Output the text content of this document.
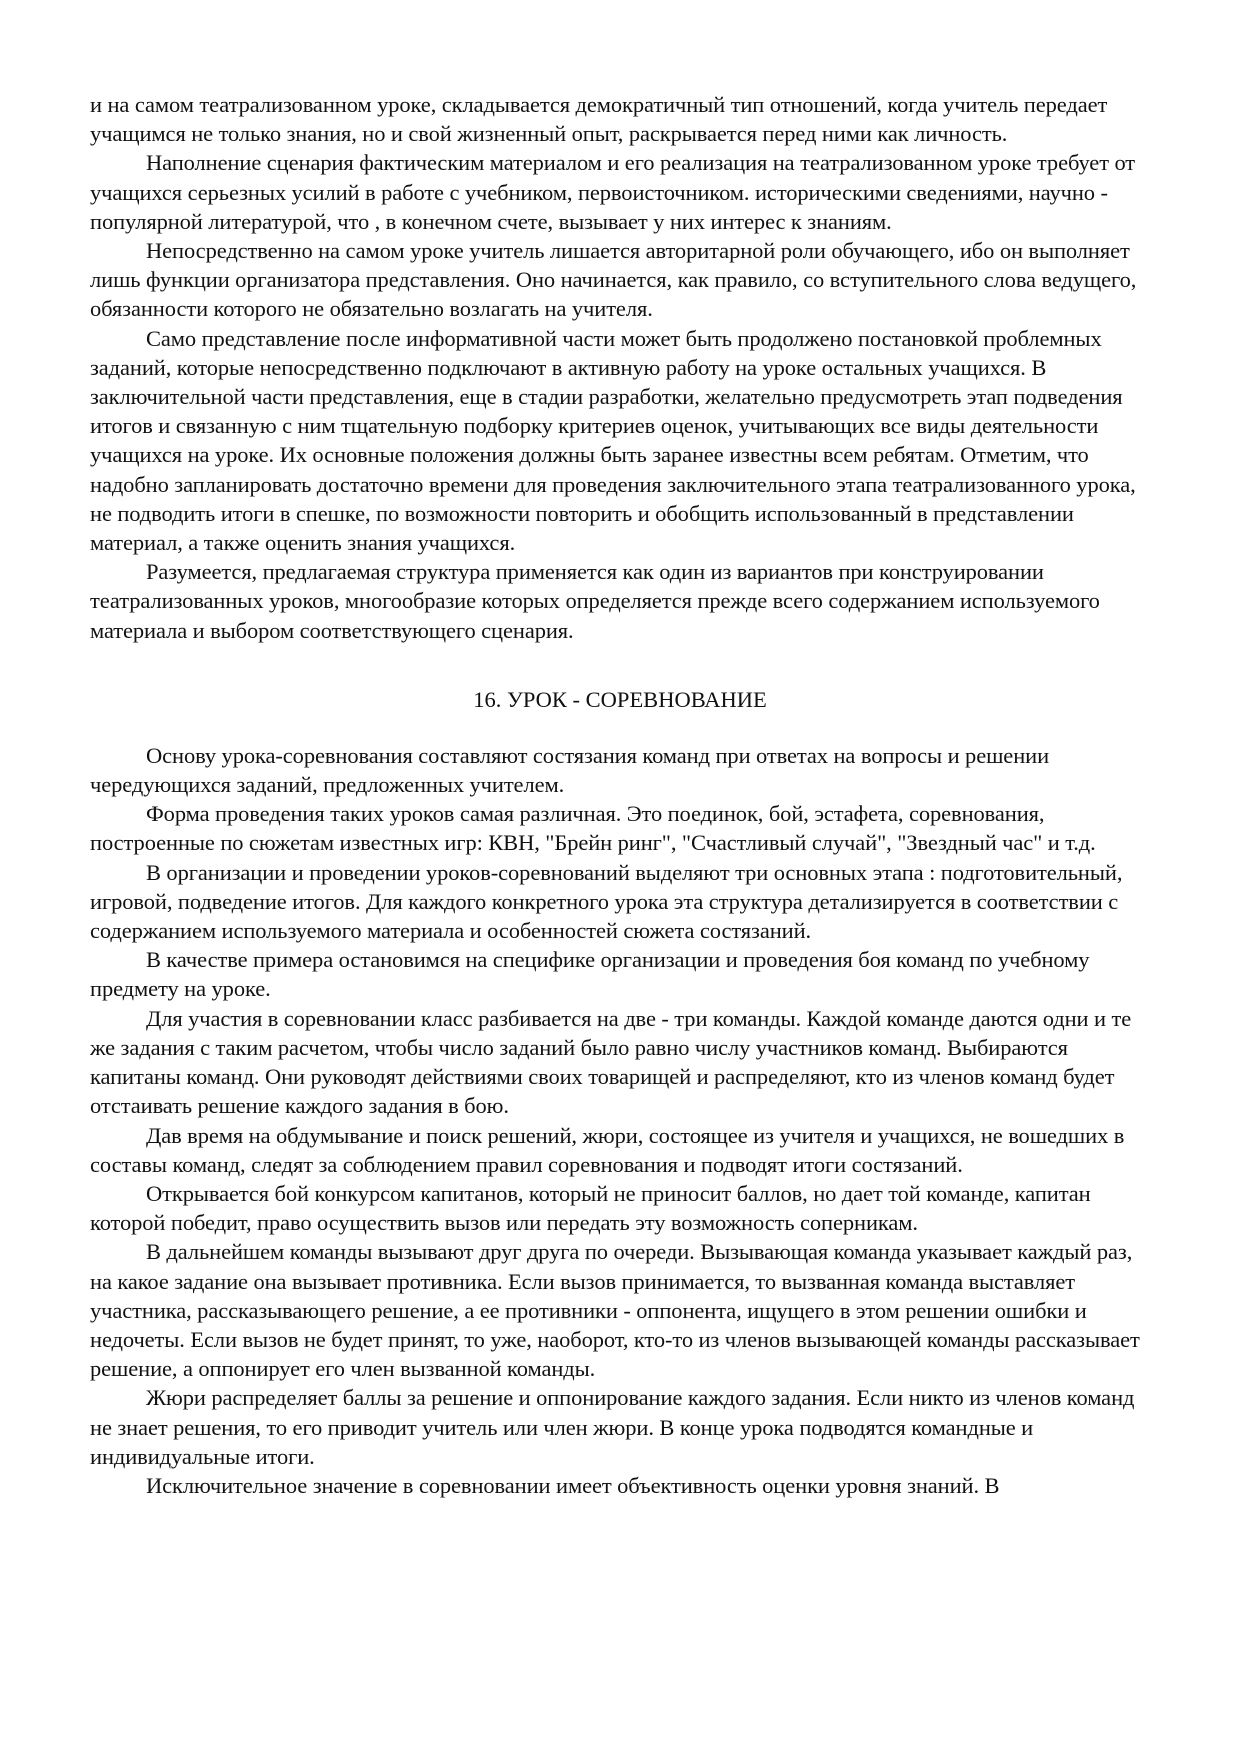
и на самом театрализованном уроке, складывается демократичный тип отношений, когда учитель передает учащимся не только знания, но и свой жизненный опыт, раскрывается перед ними как личность.

Наполнение сценария фактическим материалом и его реализация на театрализованном уроке требует от учащихся серьезных усилий в работе с учебником, первоисточником. историческими сведениями, научно - популярной литературой, что , в конечном счете, вызывает у них интерес к знаниям.

Непосредственно на самом уроке учитель лишается авторитарной роли обучающего, ибо он выполняет лишь функции организатора представления. Оно начинается, как правило, со вступительного слова ведущего, обязанности которого не обязательно возлагать на учителя.

Само представление после информативной части может быть продолжено постановкой проблемных заданий, которые непосредственно подключают в активную работу на уроке остальных учащихся. В заключительной части представления, еще в стадии разработки, желательно предусмотреть этап подведения итогов и связанную с ним тщательную подборку критериев оценок, учитывающих все виды деятельности учащихся на уроке. Их основные положения должны быть заранее известны всем ребятам. Отметим, что надобно запланировать достаточно времени для проведения заключительного этапа театрализованного урока, не подводить итоги в спешке, по возможности повторить и обобщить использованный в представлении материал, а также оценить знания учащихся.

Разумеется, предлагаемая структура применяется как один из вариантов при конструировании театрализованных уроков, многообразие которых определяется прежде всего содержанием используемого материала и выбором соответствующего сценария.

16. УРОК - СОРЕВНОВАНИЕ

Основу урока-соревнования составляют состязания команд при ответах на вопросы и решении чередующихся заданий, предложенных учителем.

Форма проведения таких уроков самая различная. Это поединок, бой, эстафета, соревнования, построенные по сюжетам известных игр: КВН, "Брейн ринг", "Счастливый случай", "Звездный час" и т.д.

В организации и проведении уроков-соревнований выделяют три основных этапа : подготовительный, игровой, подведение итогов. Для каждого конкретного урока эта структура детализируется в соответствии с содержанием используемого материала и особенностей сюжета состязаний.

В качестве примера остановимся на специфике организации и проведения боя команд по учебному предмету на уроке.

Для участия в соревновании класс разбивается на две - три команды. Каждой команде даются одни и те же задания с таким расчетом, чтобы число заданий было равно числу участников команд. Выбираются капитаны команд. Они руководят действиями своих товарищей и распределяют, кто из членов команд будет отстаивать решение каждого задания в бою.

Дав время на обдумывание и поиск решений, жюри, состоящее из учителя и учащихся, не вошедших в составы команд, следят за соблюдением правил соревнования и подводят итоги состязаний.

Открывается бой конкурсом капитанов, который не приносит баллов, но дает той команде, капитан которой победит, право осуществить вызов или передать эту возможность соперникам.

В дальнейшем команды вызывают друг друга по очереди. Вызывающая команда указывает каждый раз, на какое задание она вызывает противника. Если вызов принимается, то вызванная команда выставляет участника, рассказывающего решение, а ее противники - оппонента, ищущего в этом решении ошибки и недочеты. Если вызов не будет принят, то уже, наоборот, кто-то из членов вызывающей команды рассказывает решение, а оппонирует его член вызванной команды.

Жюри распределяет баллы за решение и оппонирование каждого задания. Если никто из членов команд не знает решения, то его приводит учитель или член жюри. В конце урока подводятся командные и индивидуальные итоги.

Исключительное значение в соревновании имеет объективность оценки уровня знаний. В
